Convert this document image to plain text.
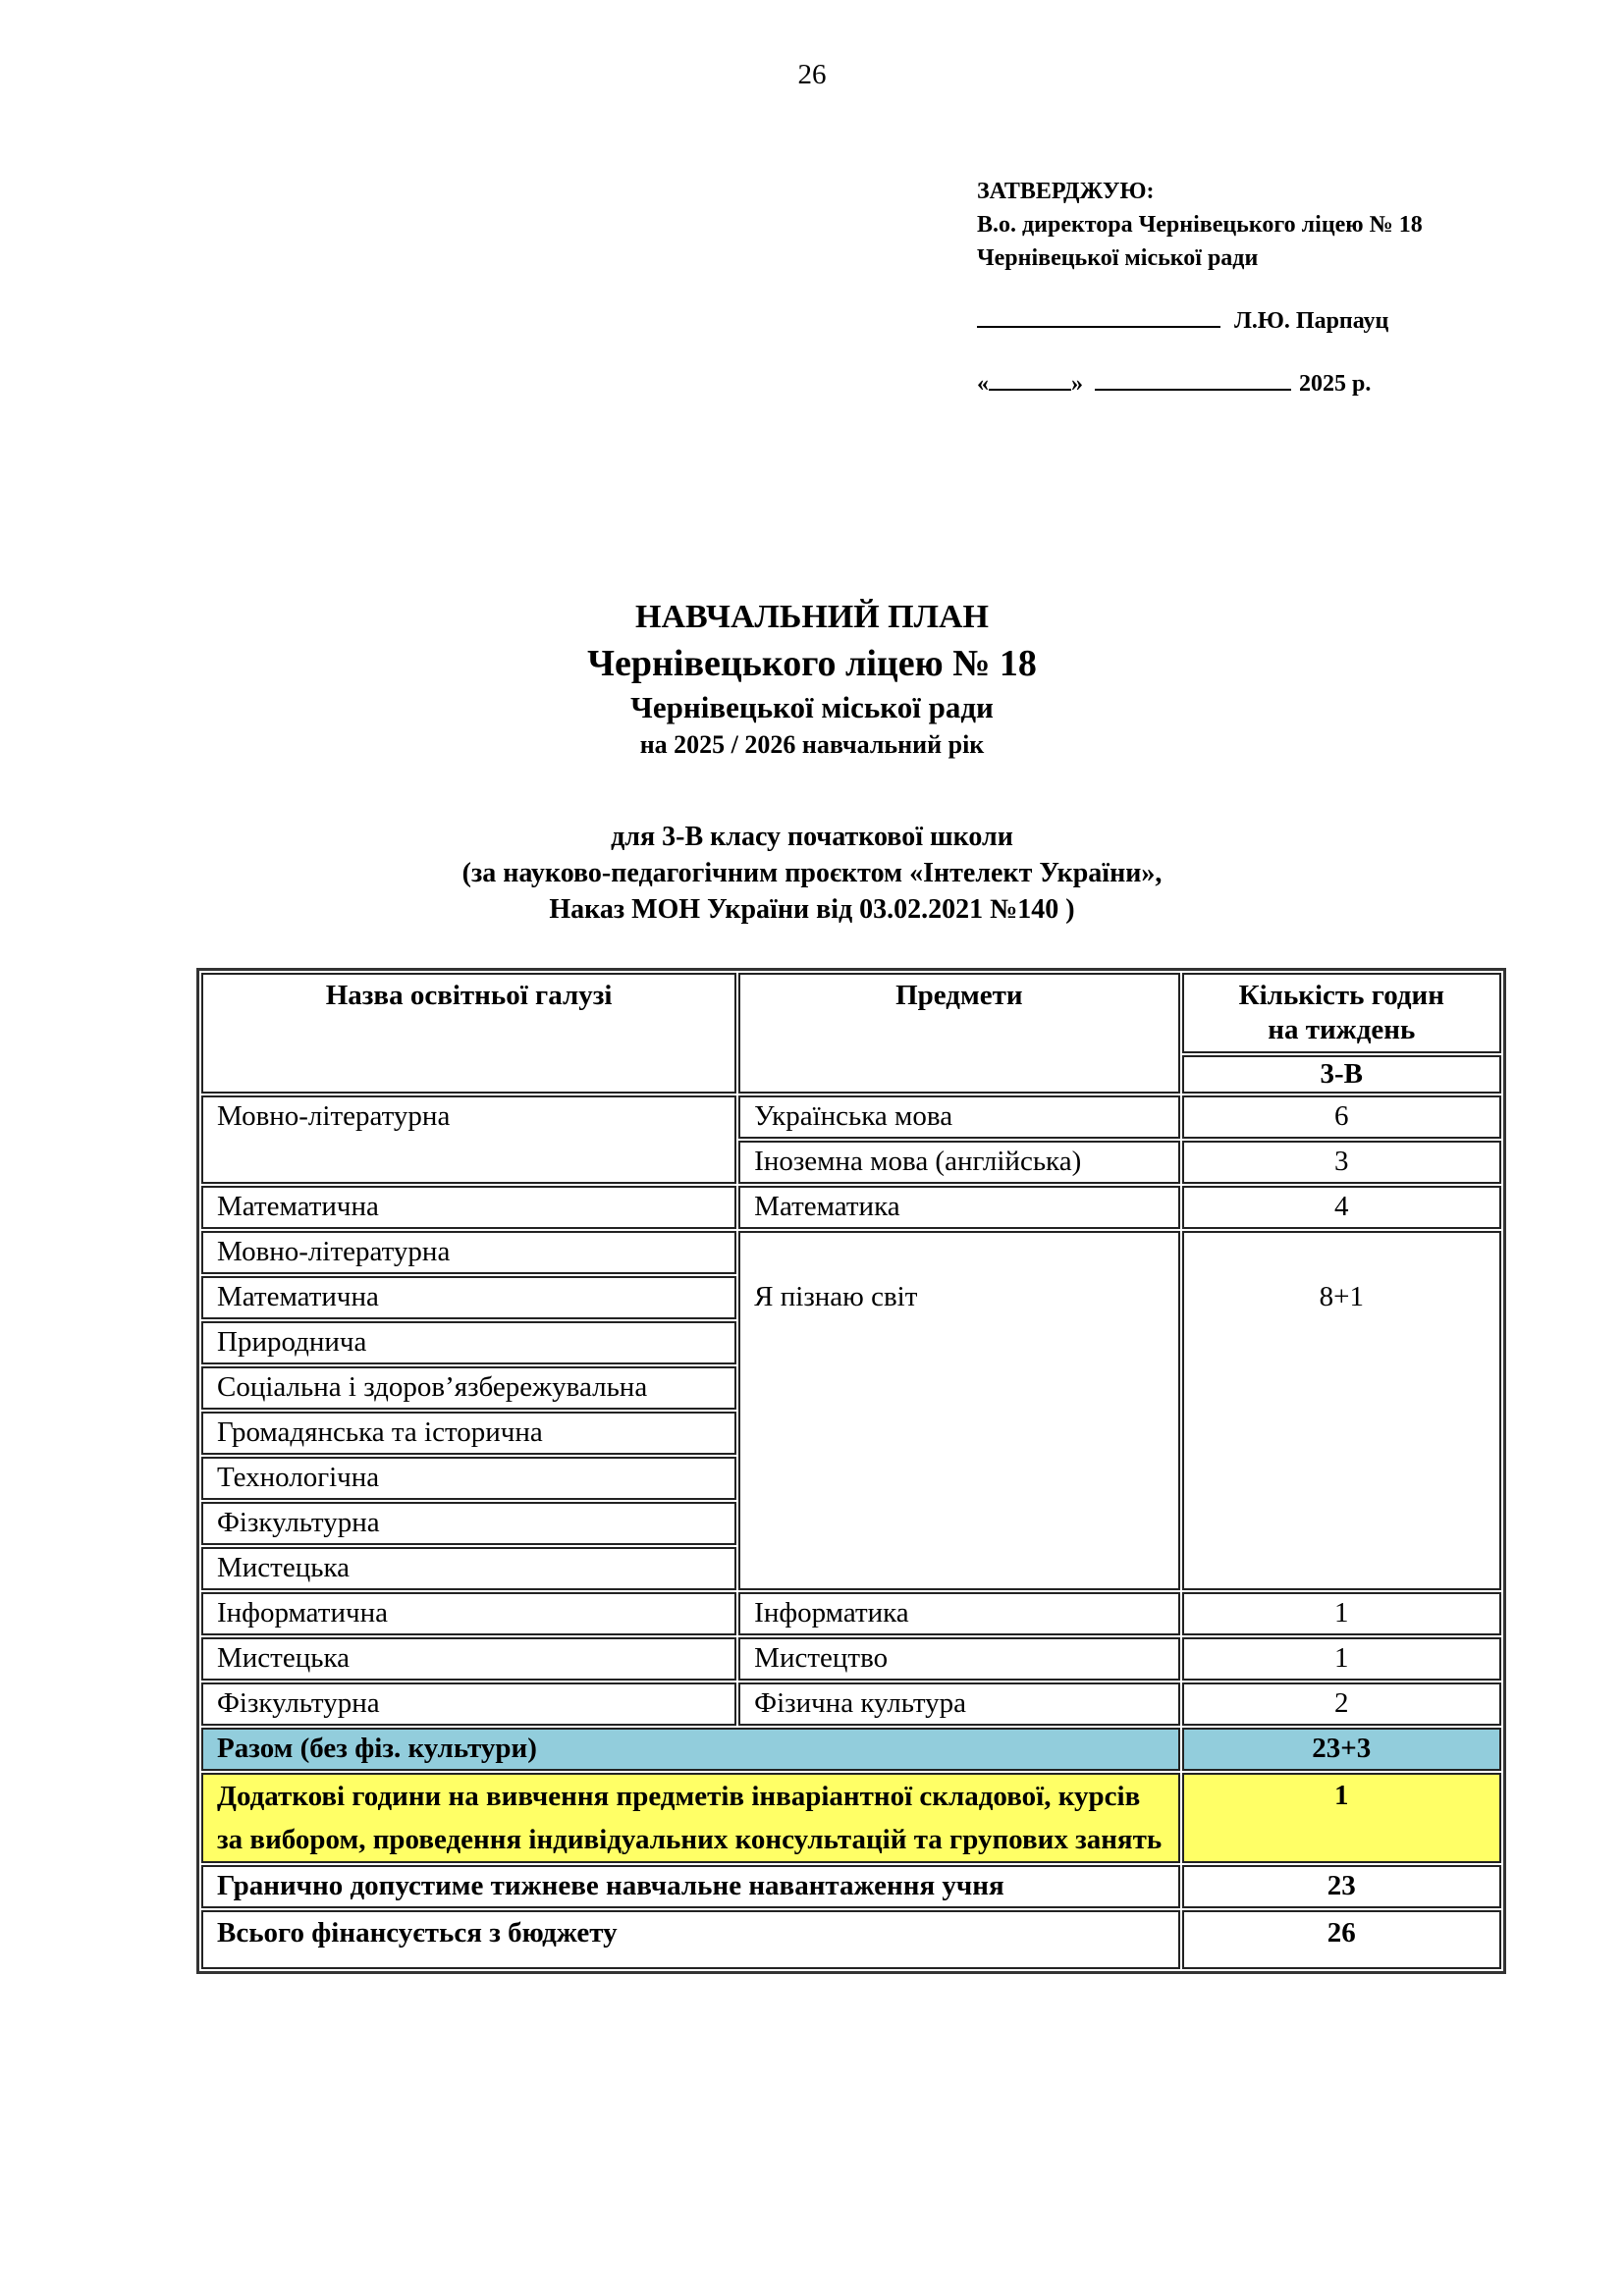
26
ЗАТВЕРДЖУЮ:
В.о. директора Чернівецького ліцею № 18
Чернівецької міської ради
Л.Ю. Парпауц
«	»	2025 р.
НАВЧАЛЬНИЙ ПЛАН
Чернівецького ліцею № 18
Чернівецької міської ради
на 2025 / 2026 навчальний рік
для 3-В класу початкової школи
(за науково-педагогічним проєктом «Інтелект України»,
Наказ МОН України від 03.02.2021 №140 )
Назва освітньої галузі	Предмети	Кількість годин
на тиждень

		3-В
Мовно-літературна	Українська мова	6
	Іноземна мова (англійська)	3
Математична	Математика	4
Мовно-літературна	Я пізнаю світ	8+1
Математична		
Природнича		
Соціальна і здоров’язбережувальна		
Громадянська та історична		
Технологічна		
Фізкультурна		
Мистецька		
Інформатична	Інформатика	1
Мистецька	Мистецтво	1
Фізкультурна	Фізична культура	2
Разом (без фіз. культури)		23+3
Додаткові години на вивчення предметів інваріантної складової, курсів за вибором, проведення індивідуальних консультацій та групових занять		1
Гранично допустиме тижневе навчальне навантаження учня		23
Всього фінансується з бюджету		26
